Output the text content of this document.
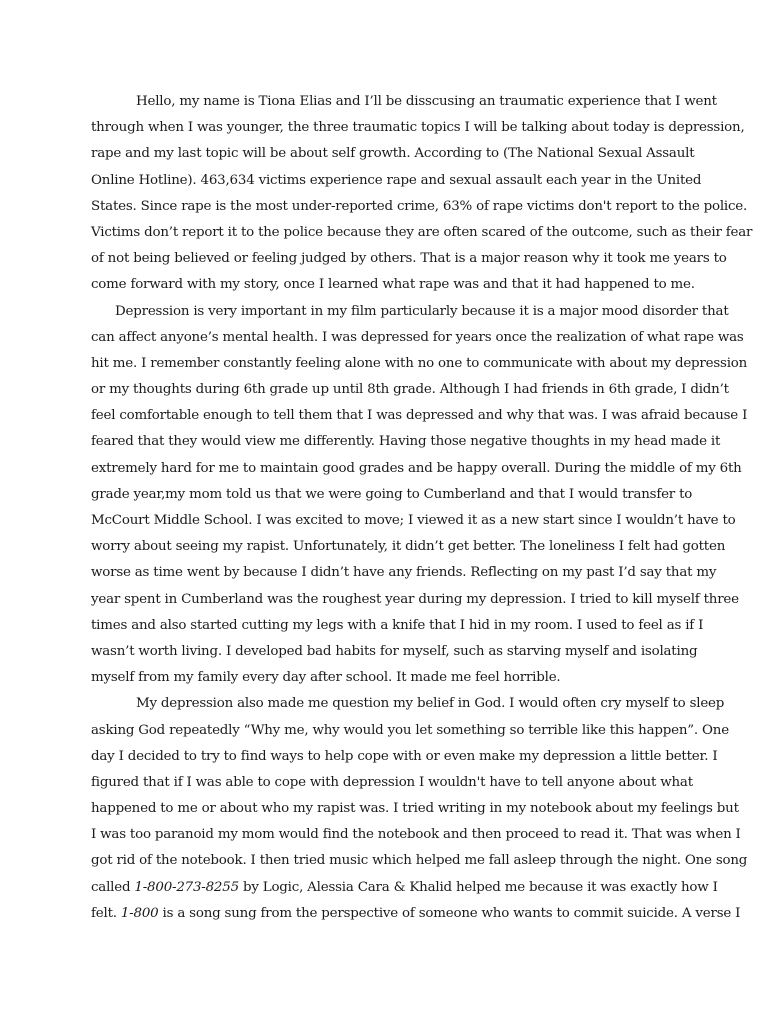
Hello, my name is Tiona Elias and I’ll be disscusing an traumatic experience that I went
through when I was younger, the three traumatic topics I will be talking about today is depression,
rape and my last topic will be about self growth. According to (The National Sexual Assault
Online Hotline). 463,634 victims experience rape and sexual assault each year in the United
States. Since rape is the most under-reported crime, 63% of rape victims don't report to the police.
Victims don’t report it to the police because they are often scared of the outcome, such as their fear
of not being believed or feeling judged by others. That is a major reason why it took me years to
come forward with my story, once I learned what rape was and that it had happened to me.
Depression is very important in my film particularly because it is a major mood disorder that
can affect anyone’s mental health. I was depressed for years once the realization of what rape was
hit me. I remember constantly feeling alone with no one to communicate with about my depression
or my thoughts during 6th grade up until 8th grade. Although I had friends in 6th grade, I didn’t
feel comfortable enough to tell them that I was depressed and why that was. I was afraid because I
feared that they would view me differently. Having those negative thoughts in my head made it
extremely hard for me to maintain good grades and be happy overall. During the middle of my 6th
grade year,my mom told us that we were going to Cumberland and that I would transfer to
McCourt Middle School. I was excited to move; I viewed it as a new start since I wouldn’t have to
worry about seeing my rapist. Unfortunately, it didn’t get better. The loneliness I felt had gotten
worse as time went by because I didn’t have any friends. Reflecting on my past I’d say that my
year spent in Cumberland was the roughest year during my depression. I tried to kill myself three
times and also started cutting my legs with a knife that I hid in my room. I used to feel as if I
wasn’t worth living. I developed bad habits for myself, such as starving myself and isolating
myself from my family every day after school. It made me feel horrible.
My depression also made me question my belief in God. I would often cry myself to sleep
asking God repeatedly “Why me, why would you let something so terrible like this happen”. One
day I decided to try to find ways to help cope with or even make my depression a little better. I
figured that if I was able to cope with depression I wouldn't have to tell anyone about what
happened to me or about who my rapist was. I tried writing in my notebook about my feelings but
I was too paranoid my mom would find the notebook and then proceed to read it. That was when I
got rid of the notebook. I then tried music which helped me fall asleep through the night. One song
called 1-800-273-8255 by Logic, Alessia Cara & Khalid helped me because it was exactly how I
felt. 1-800 is a song sung from the perspective of someone who wants to commit suicide. A verse I
